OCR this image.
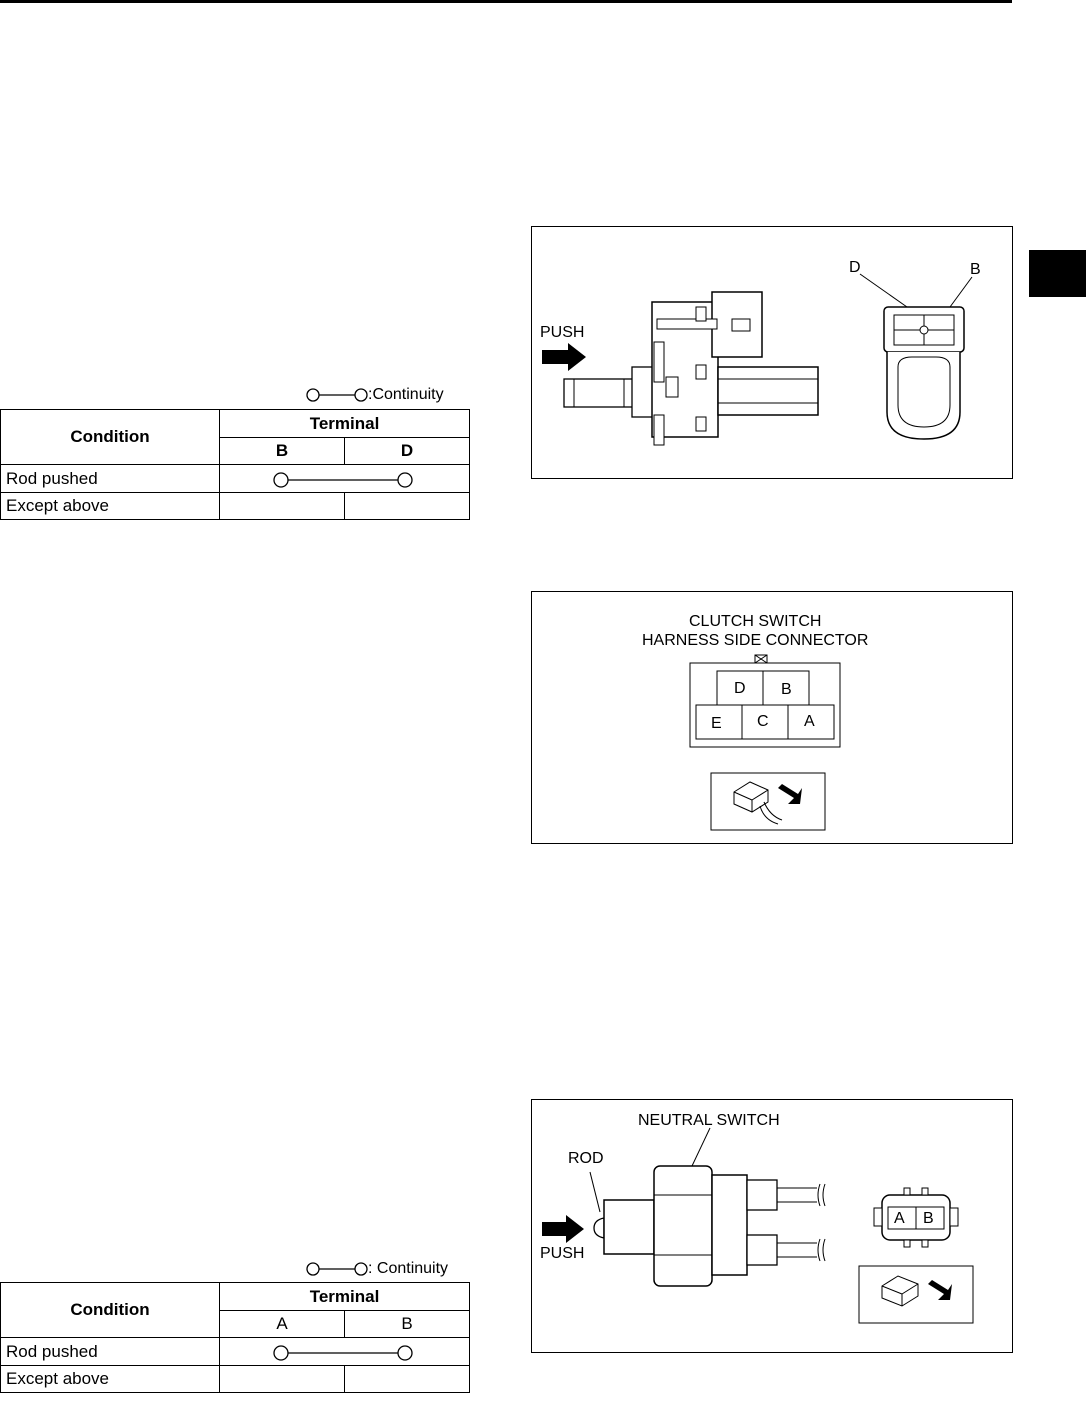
:Continuity
Condition	Terminal	
	B	D
Rod pushed	

Except above		
: Continuity
Condition	Terminal	
	A	B
Rod pushed	

Except above		
PUSH
D	B
CLUTCH SWITCH
HARNESS SIDE CONNECTOR
D B
E C A
NEUTRAL SWITCH
ROD
PUSH
A B
